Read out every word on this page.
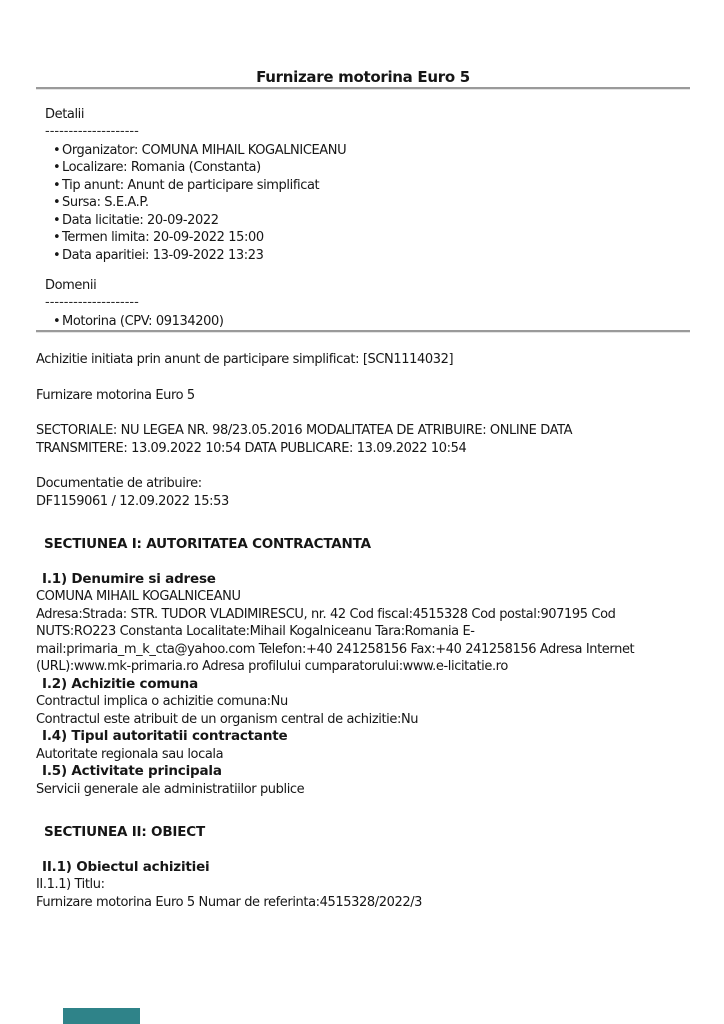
Furnizare motorina Euro 5
Detalii
--------------------
• Organizator: COMUNA MIHAIL KOGALNICEANU
• Localizare: Romania (Constanta)
• Tip anunt: Anunt de participare simplificat
• Sursa: S.E.A.P.
• Data licitatie: 20-09-2022
• Termen limita: 20-09-2022 15:00
• Data aparitiei: 13-09-2022 13:23
Domenii
--------------------
• Motorina (CPV: 09134200)

Achizitie initiata prin anunt de participare simplificat: [SCN1114032]

Furnizare motorina Euro 5

SECTORIALE: NU LEGEA NR. 98/23.05.2016 MODALITATEA DE ATRIBUIRE: ONLINE DATA
TRANSMITERE: 13.09.2022 10:54 DATA PUBLICARE: 13.09.2022 10:54
Documentatie de atribuire:
DF1159061 / 12.09.2022 15:53
SECTIUNEA I: AUTORITATEA CONTRACTANTA
I.1) Denumire si adrese
COMUNA MIHAIL KOGALNICEANU
Adresa:Strada: STR. TUDOR VLADIMIRESCU, nr. 42 Cod fiscal:4515328 Cod postal:907195 Cod
NUTS:RO223 Constanta Localitate:Mihail Kogalniceanu Tara:Romania E-
mail:primaria_m_k_cta@yahoo.com Telefon:+40 241258156 Fax:+40 241258156 Adresa Internet
(URL):www.mk-primaria.ro Adresa profilului cumparatorului:www.e-licitatie.ro
I.2) Achizitie comuna
Contractul implica o achizitie comuna:Nu
Contractul este atribuit de un organism central de achizitie:Nu
I.4) Tipul autoritatii contractante
Autoritate regionala sau locala
I.5) Activitate principala
Servicii generale ale administratiilor publice
SECTIUNEA II: OBIECT
II.1) Obiectul achizitiei
II.1.1) Titlu:
Furnizare motorina Euro 5 Numar de referinta:4515328/2022/3
